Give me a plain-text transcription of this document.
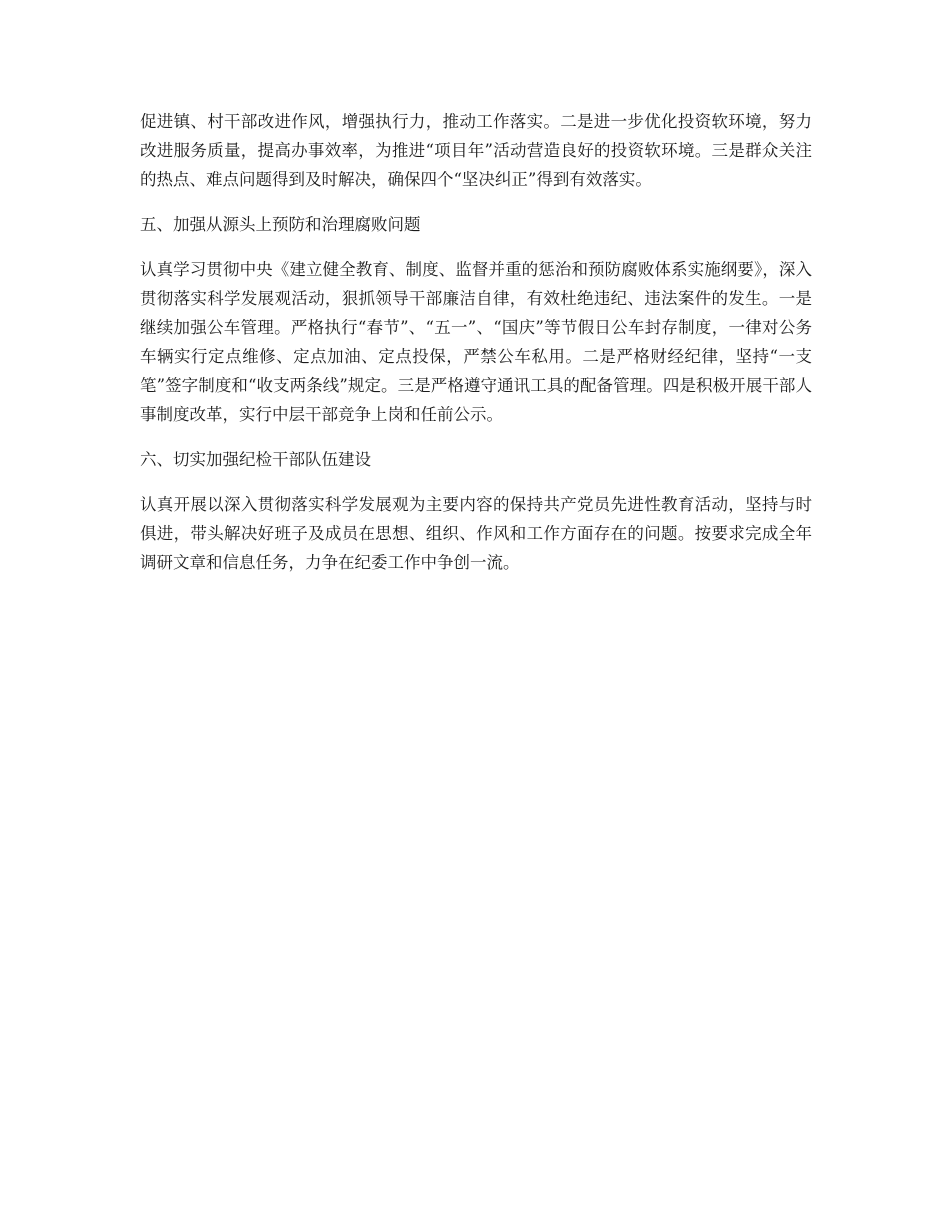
促进镇、村干部改进作风，增强执行力，推动工作落实。二是进一步优化投资软环境，努力改进服务质量，提高办事效率，为推进“项目年”活动营造良好的投资软环境。三是群众关注的热点、难点问题得到及时解决，确保四个“坚决纠正”得到有效落实。

五、加强从源头上预防和治理腐败问题

认真学习贯彻中央《建立健全教育、制度、监督并重的惩治和预防腐败体系实施纲要》，深入贯彻落实科学发展观活动，狠抓领导干部廉洁自律，有效杜绝违纪、违法案件的发生。一是继续加强公车管理。严格执行“春节”、“五一”、“国庆”等节假日公车封存制度，一律对公务车辆实行定点维修、定点加油、定点投保，严禁公车私用。二是严格财经纪律，坚持“一支笔”签字制度和“收支两条线”规定。三是严格遵守通讯工具的配备管理。四是积极开展干部人事制度改革，实行中层干部竞争上岗和任前公示。

六、切实加强纪检干部队伍建设

认真开展以深入贯彻落实科学发展观为主要内容的保持共产党员先进性教育活动，坚持与时俱进，带头解决好班子及成员在思想、组织、作风和工作方面存在的问题。按要求完成全年调研文章和信息任务，力争在纪委工作中争创一流。
